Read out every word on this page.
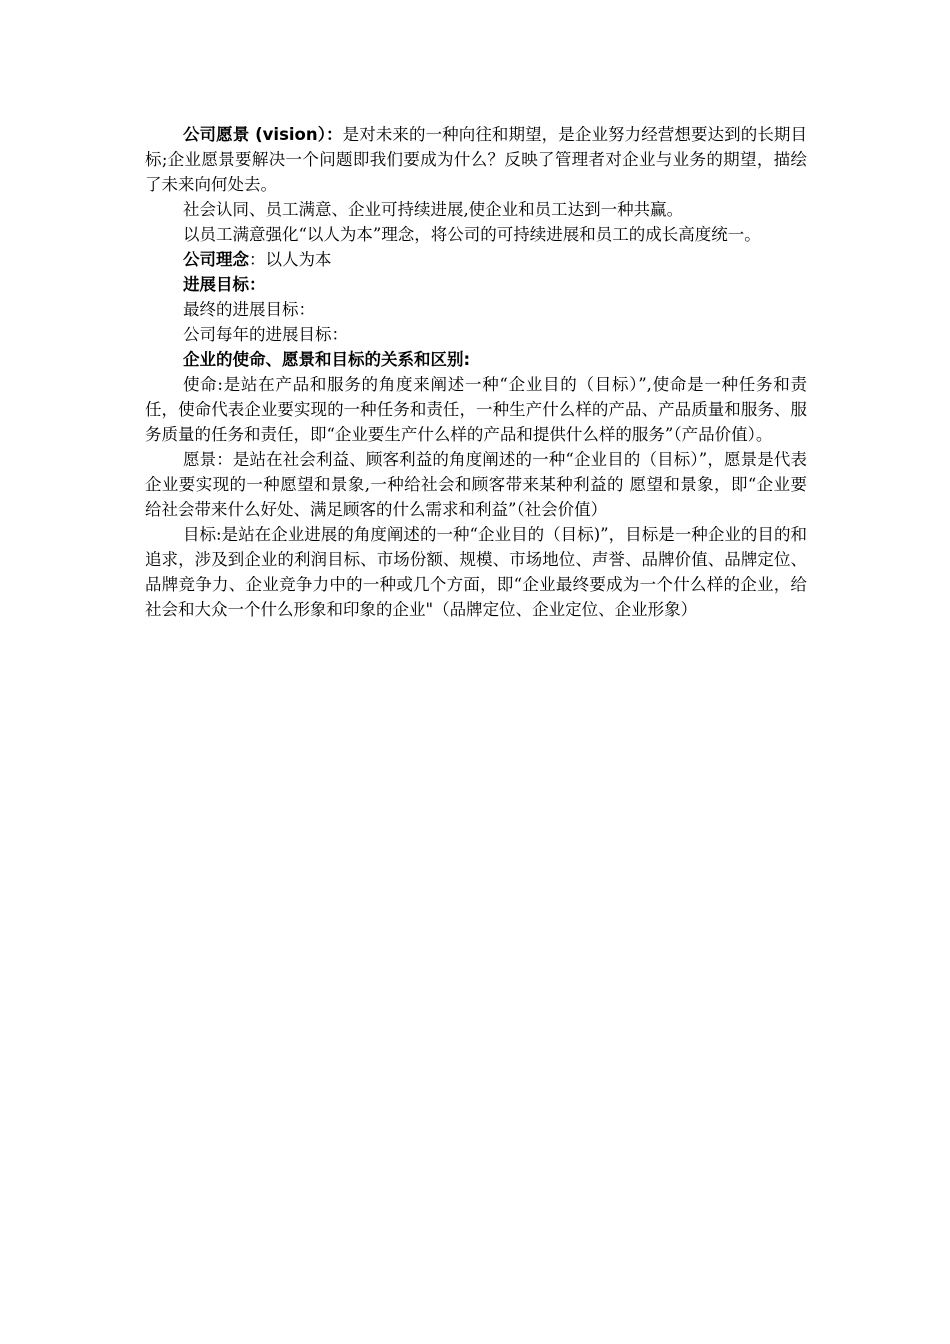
公司愿景 (vision）：是对未来的一种向往和期望，是企业努力经营想要达到的长期目标;企业愿景要解决一个问题即我们要成为什么？反映了管理者对企业与业务的期望，描绘了未来向何处去。

社会认同、员工满意、企业可持续进展,使企业和员工达到一种共赢。

以员工满意强化“以人为本”理念，将公司的可持续进展和员工的成长高度统一。

公司理念：以人为本

进展目标：

最终的进展目标：

公司每年的进展目标：

企业的使命、愿景和目标的关系和区别:

使命:是站在产品和服务的角度来阐述一种“企业目的（目标）”,使命是一种任务和责任，使命代表企业要实现的一种任务和责任，一种生产什么样的产品、产品质量和服务、服务质量的任务和责任，即“企业要生产什么样的产品和提供什么样的服务”（产品价值）。

愿景：是站在社会利益、顾客利益的角度阐述的一种“企业目的（目标）”，愿景是代表企业要实现的一种愿望和景象,一种给社会和顾客带来某种利益的 愿望和景象，即“企业要给社会带来什么好处、满足顾客的什么需求和利益”（社会价值）

目标:是站在企业进展的角度阐述的一种“企业目的（目标)”，目标是一种企业的目的和追求，涉及到企业的利润目标、市场份额、规模、市场地位、声誉、品牌价值、品牌定位、品牌竞争力、企业竞争力中的一种或几个方面，即“企业最终要成为一个什么样的企业，给社会和大众一个什么形象和印象的企业"（品牌定位、企业定位、企业形象）
